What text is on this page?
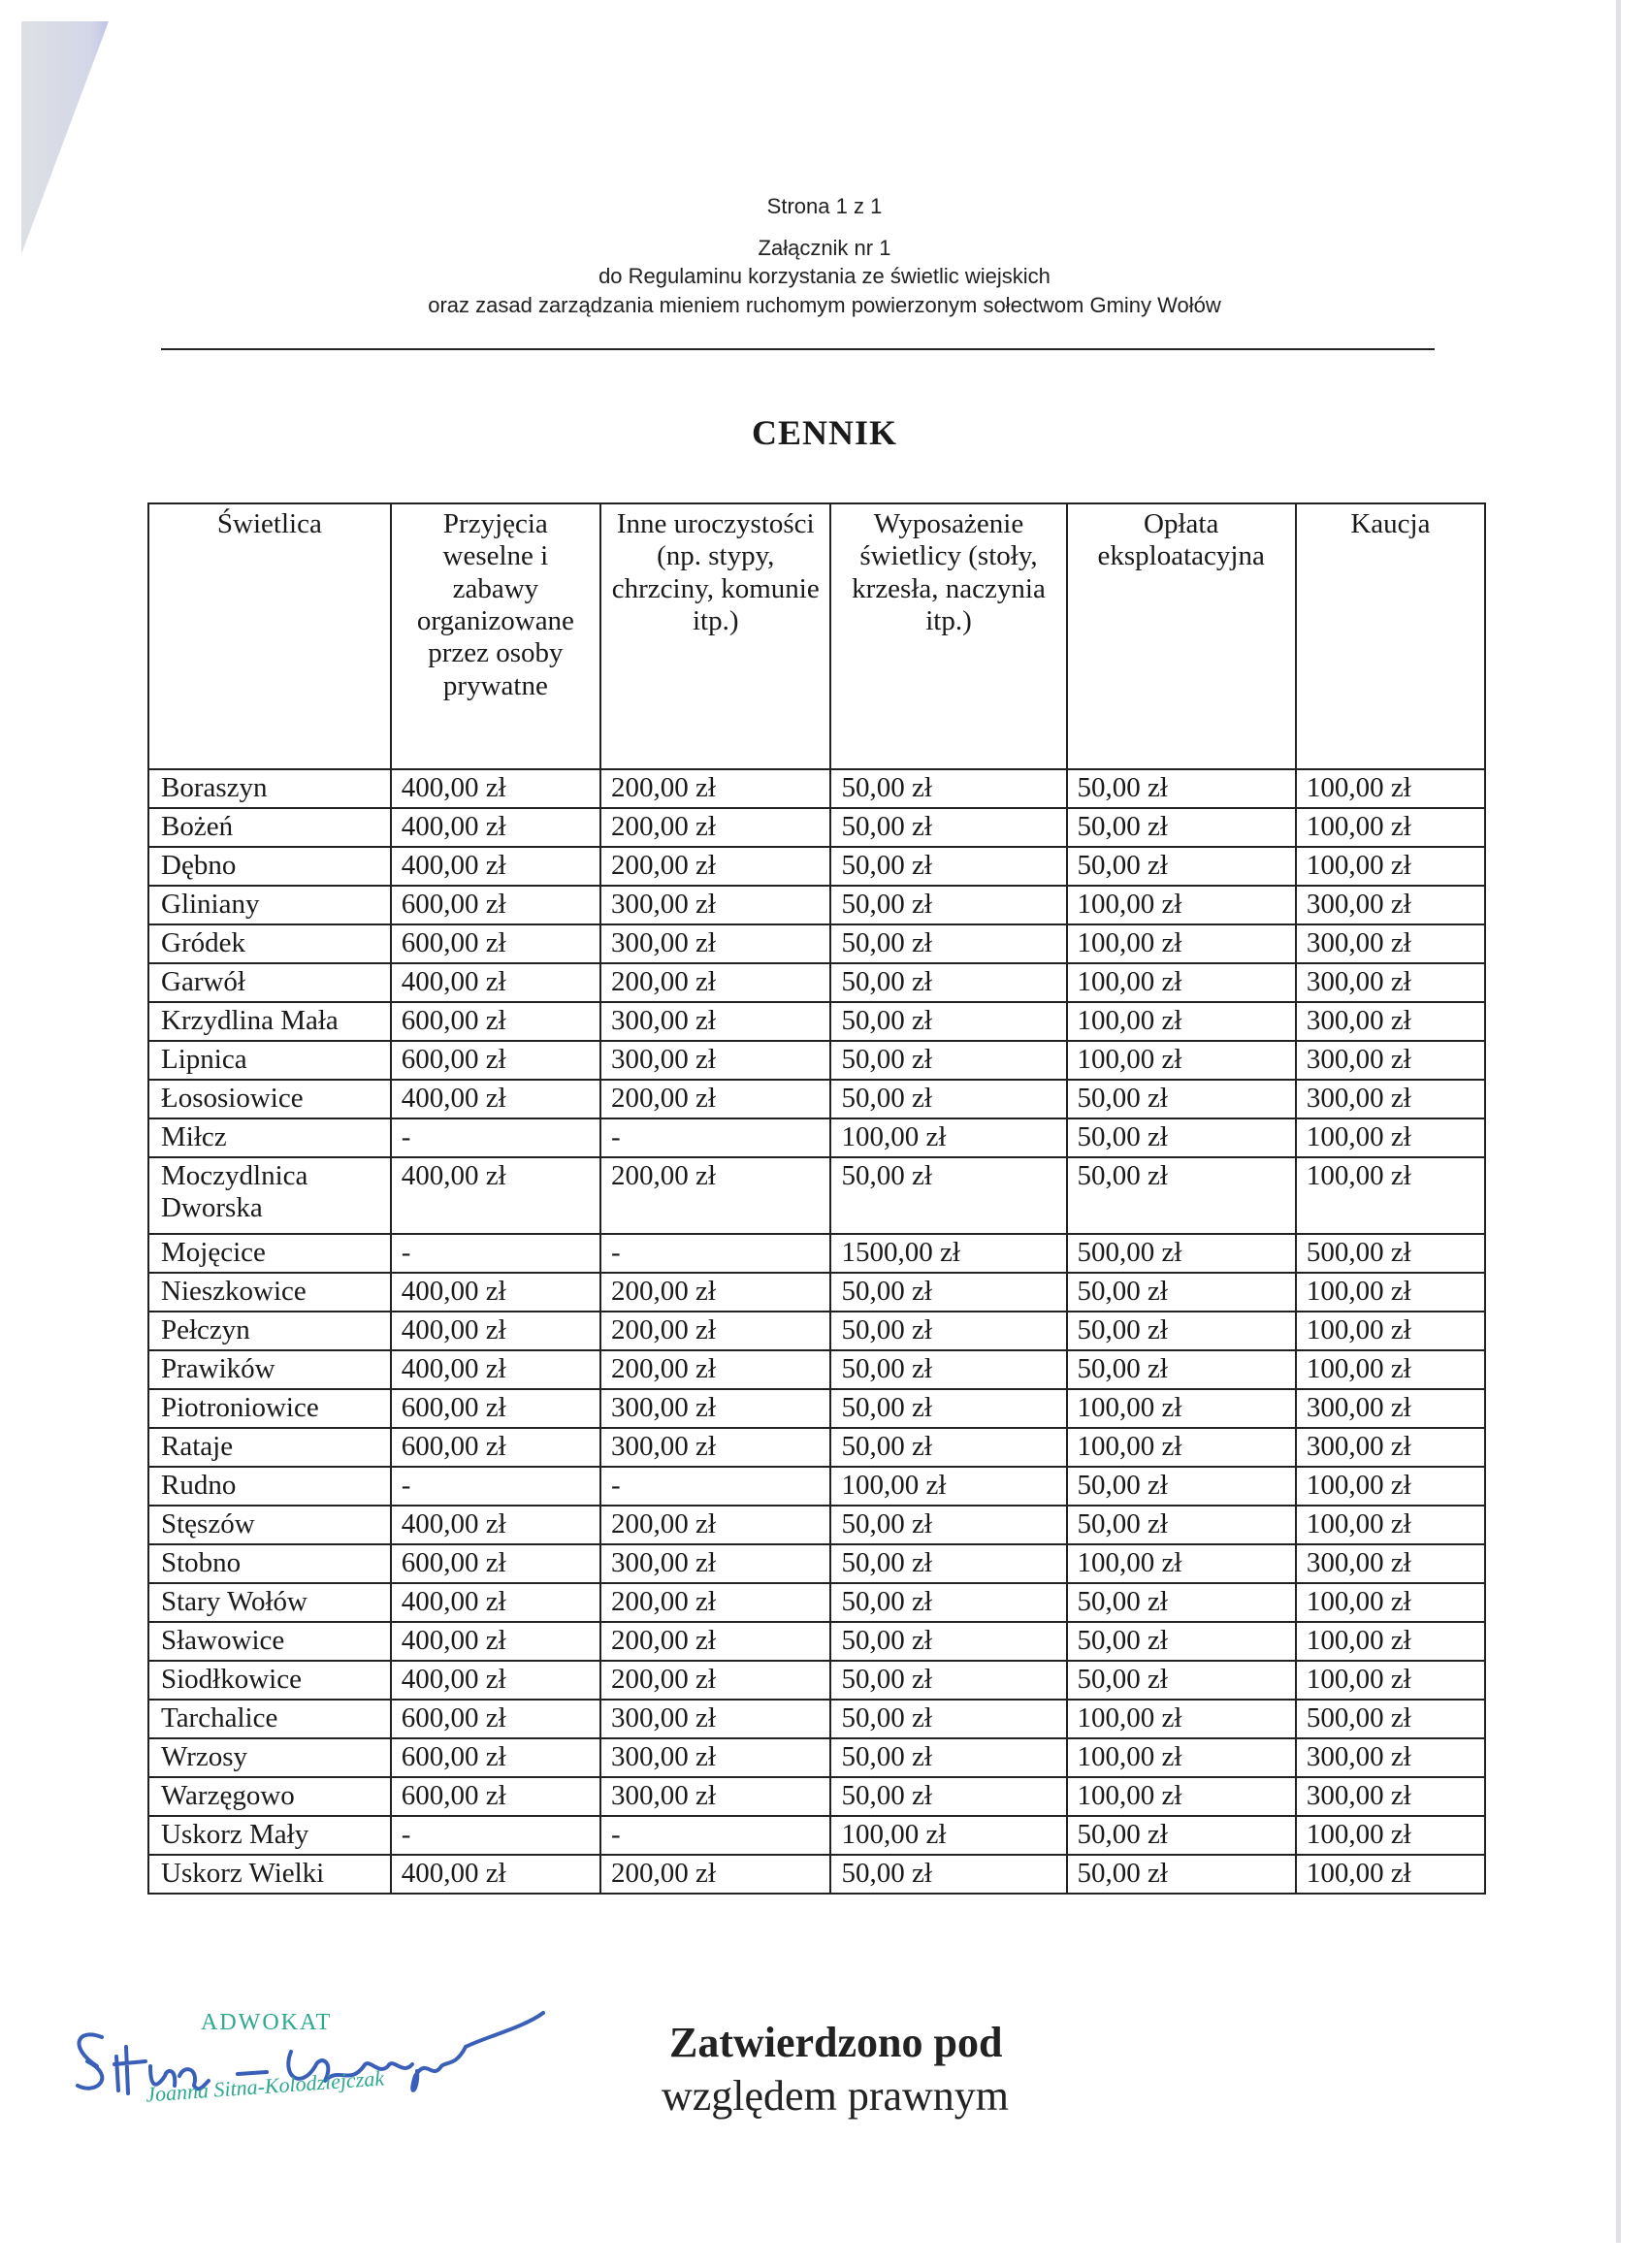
Strona 1 z 1
Załącznik nr 1
do Regulaminu korzystania ze świetlic wiejskich
oraz zasad zarządzania mieniem ruchomym powierzonym sołectwom Gminy Wołów
CENNIK
Świetlica	Przyjęcia weselne i zabawy organizowane przez osoby prywatne	Inne uroczystości (np. stypy, chrzciny, komunie itp.)	Wyposażenie świetlicy (stoły, krzesła, naczynia itp.)	Opłata eksploatacyjna	Kaucja
Boraszyn	400,00 zł	200,00 zł	50,00 zł	50,00 zł	100,00 zł
Bożeń	400,00 zł	200,00 zł	50,00 zł	50,00 zł	100,00 zł
Dębno	400,00 zł	200,00 zł	50,00 zł	50,00 zł	100,00 zł
Gliniany	600,00 zł	300,00 zł	50,00 zł	100,00 zł	300,00 zł
Gródek	600,00 zł	300,00 zł	50,00 zł	100,00 zł	300,00 zł
Garwół	400,00 zł	200,00 zł	50,00 zł	100,00 zł	300,00 zł
Krzydlina Mała	600,00 zł	300,00 zł	50,00 zł	100,00 zł	300,00 zł
Lipnica	600,00 zł	300,00 zł	50,00 zł	100,00 zł	300,00 zł
Łososiowice	400,00 zł	200,00 zł	50,00 zł	50,00 zł	300,00 zł
Miłcz	-	-	100,00 zł	50,00 zł	100,00 zł
Moczydlnica Dworska	400,00 zł	200,00 zł	50,00 zł	50,00 zł	100,00 zł
Mojęcice	-	-	1500,00 zł	500,00 zł	500,00 zł
Nieszkowice	400,00 zł	200,00 zł	50,00 zł	50,00 zł	100,00 zł
Pełczyn	400,00 zł	200,00 zł	50,00 zł	50,00 zł	100,00 zł
Prawików	400,00 zł	200,00 zł	50,00 zł	50,00 zł	100,00 zł
Piotroniowice	600,00 zł	300,00 zł	50,00 zł	100,00 zł	300,00 zł
Rataje	600,00 zł	300,00 zł	50,00 zł	100,00 zł	300,00 zł
Rudno	-	-	100,00 zł	50,00 zł	100,00 zł
Stęszów	400,00 zł	200,00 zł	50,00 zł	50,00 zł	100,00 zł
Stobno	600,00 zł	300,00 zł	50,00 zł	100,00 zł	300,00 zł
Stary Wołów	400,00 zł	200,00 zł	50,00 zł	50,00 zł	100,00 zł
Sławowice	400,00 zł	200,00 zł	50,00 zł	50,00 zł	100,00 zł
Siodłkowice	400,00 zł	200,00 zł	50,00 zł	50,00 zł	100,00 zł
Tarchalice	600,00 zł	300,00 zł	50,00 zł	100,00 zł	500,00 zł
Wrzosy	600,00 zł	300,00 zł	50,00 zł	100,00 zł	300,00 zł
Warzęgowo	600,00 zł	300,00 zł	50,00 zł	100,00 zł	300,00 zł
Uskorz Mały	-	-	100,00 zł	50,00 zł	100,00 zł
Uskorz Wielki	400,00 zł	200,00 zł	50,00 zł	50,00 zł	100,00 zł
ADWOKAT
Joanna Sitna-Kolodziejczak
Zatwierdzono pod
względem prawnym
